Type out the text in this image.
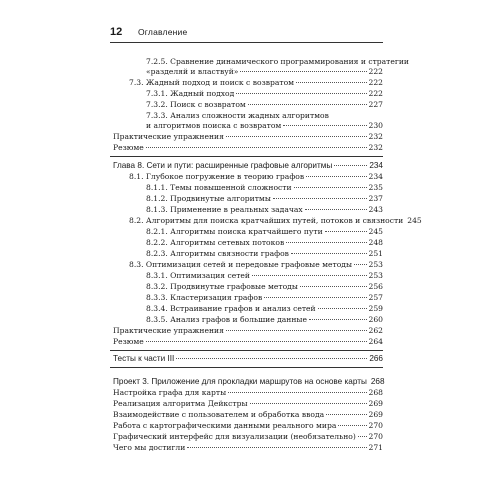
12 Оглавление
7.2.5. Сравнение динамического программирования и стратегии
«разделяй и властвуй»	222
7.3. Жадный подход и поиск с возвратом	222
7.3.1. Жадный подход	222
7.3.2. Поиск с возвратом	227
7.3.3. Анализ сложности жадных алгоритмов
и алгоритмов поиска с возвратом	230
Практические упражнения	232
Резюме	232
Глава 8. Сети и пути: расширенные графовые алгоритмы	234
8.1. Глубокое погружение в теорию графов	234
8.1.1. Темы повышенной сложности	235
8.1.2. Продвинутые алгоритмы	237
8.1.3. Применение в реальных задачах	243
8.2. Алгоритмы для поиска кратчайших путей, потоков и связности 245
8.2.1. Алгоритмы поиска кратчайшего пути	245
8.2.2. Алгоритмы сетевых потоков	248
8.2.3. Алгоритмы связности графов	251
8.3. Оптимизация сетей и передовые графовые методы 253
8.3.1. Оптимизация сетей	253
8.3.2. Продвинутые графовые методы	256
8.3.3. Кластеризация графов	257
8.3.4. Встраивание графов и анализ сетей	259
8.3.5. Анализ графов и большие данные	260
Практические упражнения	262
Резюме	264
Тесты к части III	266
Проект 3. Приложение для прокладки маршрутов на основе карты 268
Настройка графа для карты	268
Реализация алгоритма Дейкстры	269
Взаимодействие с пользователем и обработка ввода	269
Работа с картографическими данными реального мира	270
Графический интерфейс для визуализации (необязательно) 270
Чего мы достигли	271
